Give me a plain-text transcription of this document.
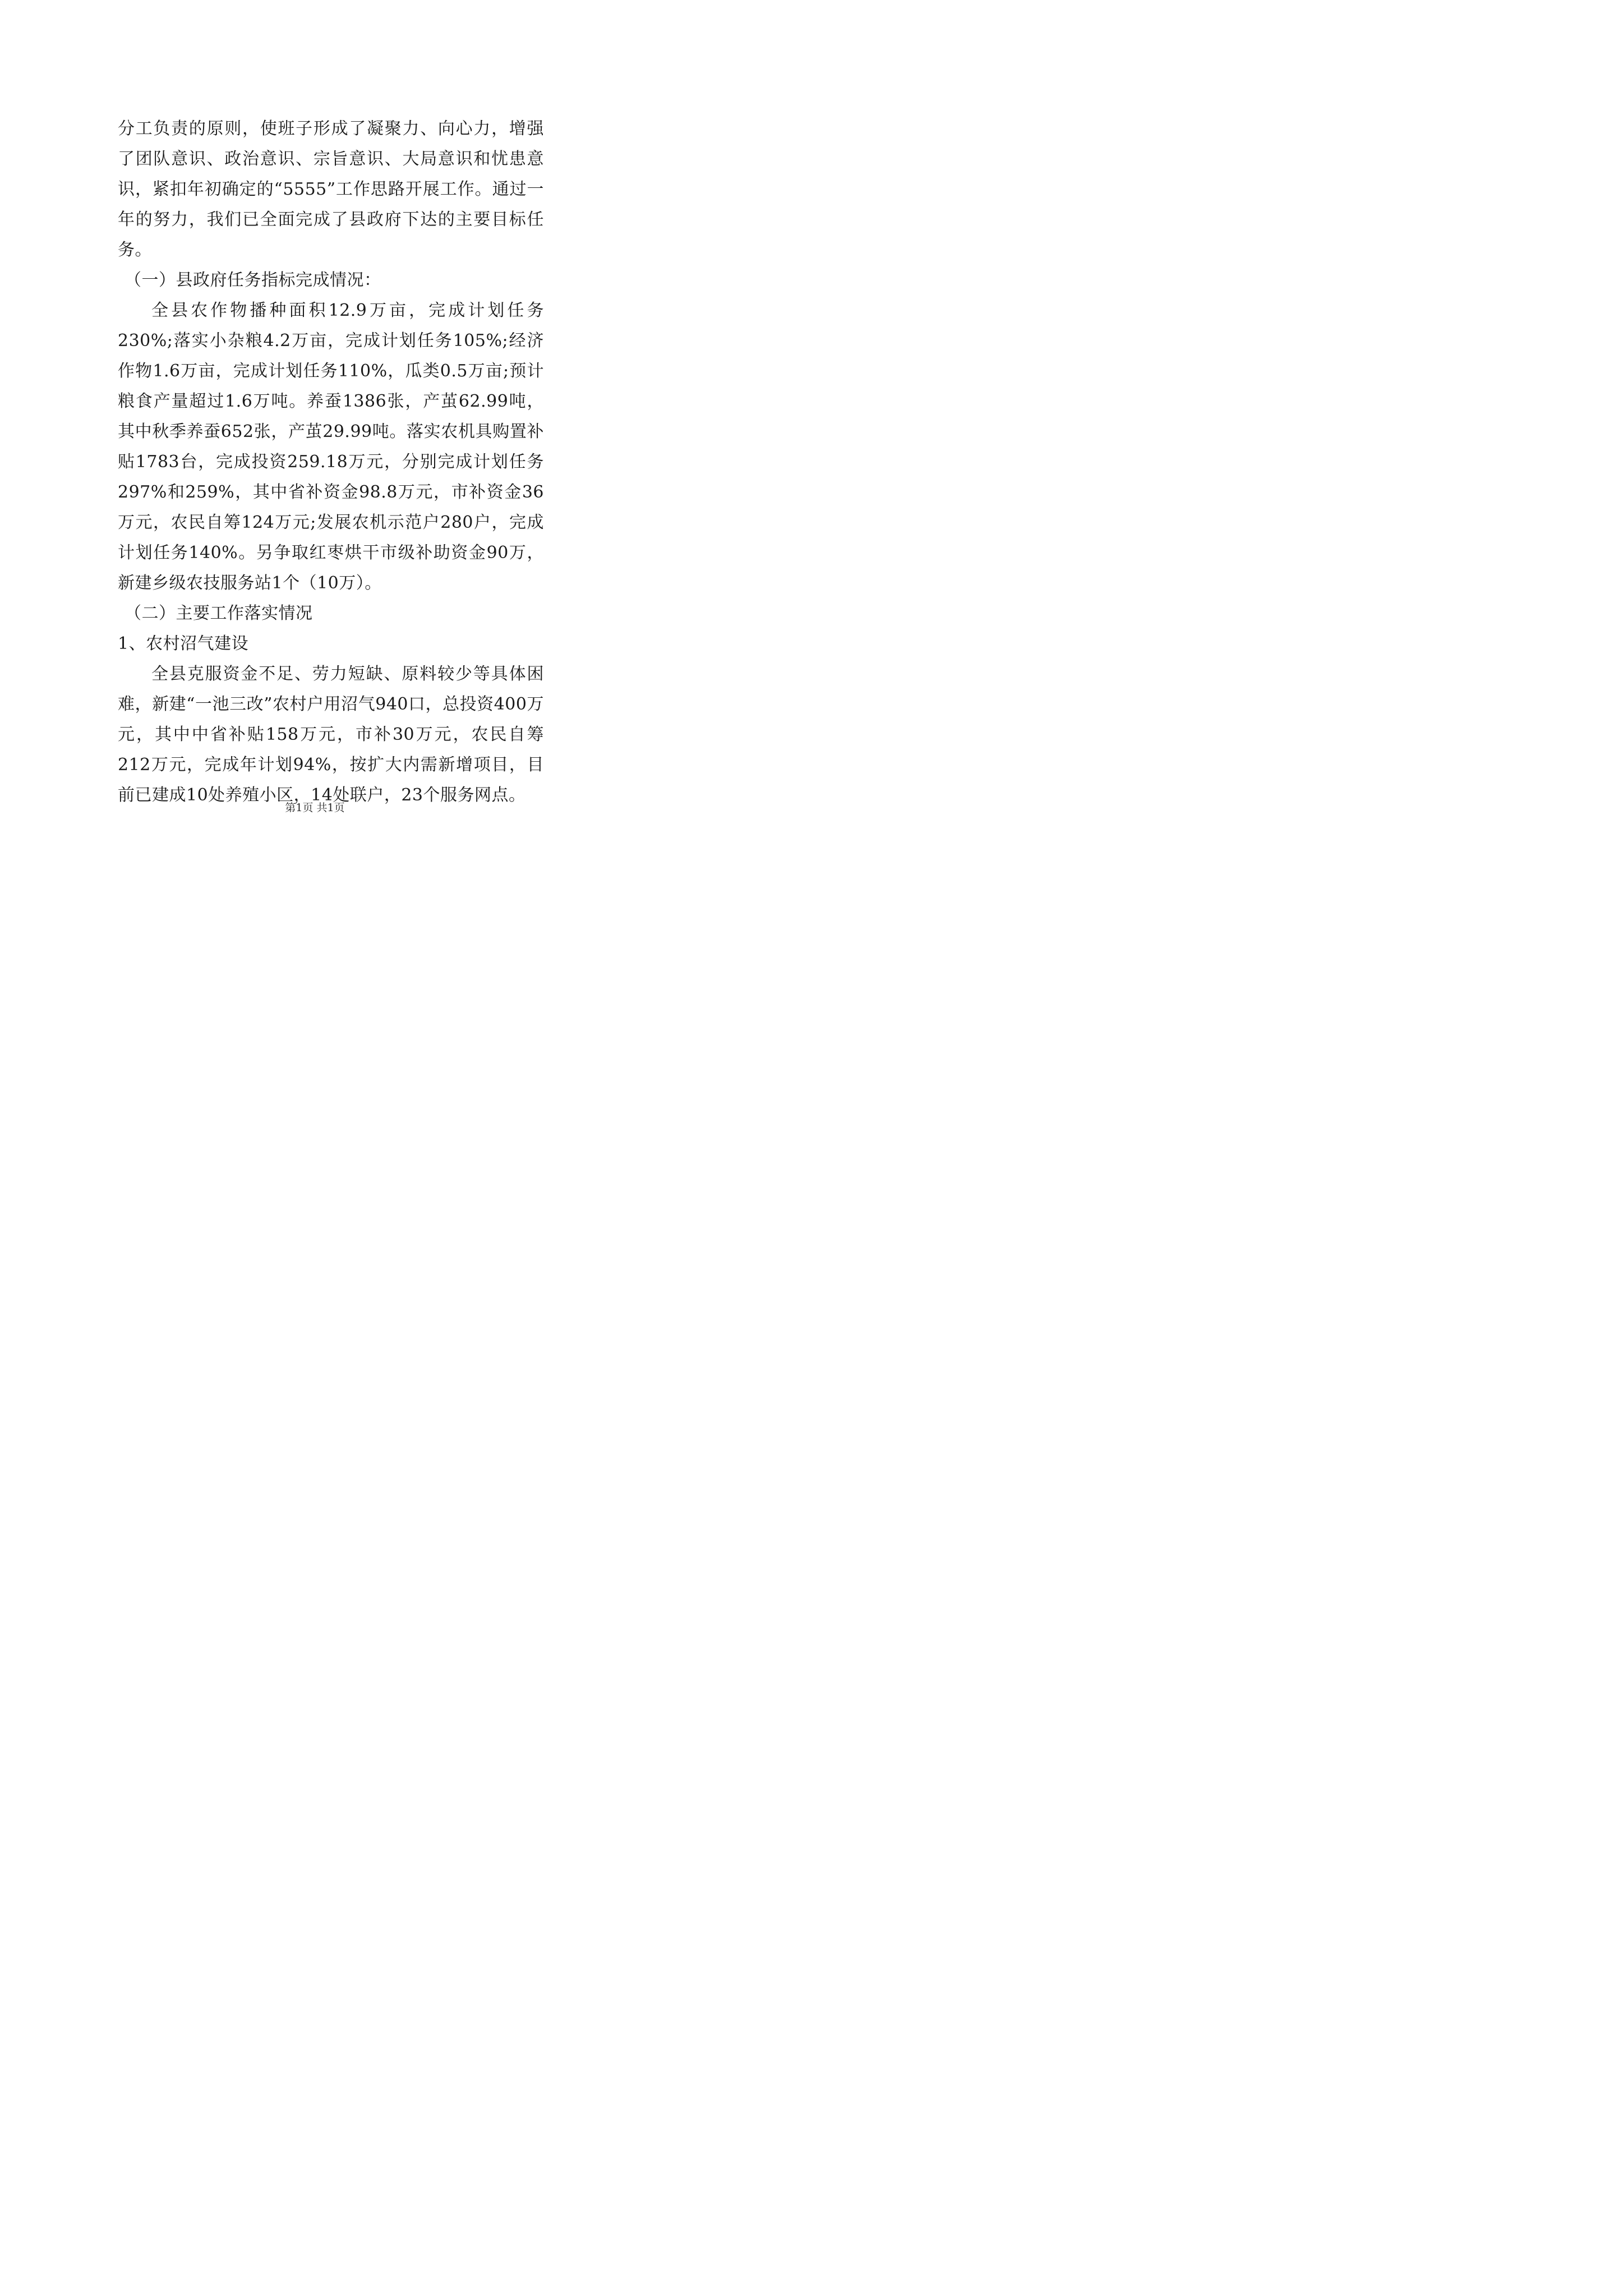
分工负责的原则，使班子形成了凝聚力、向心力，增强了团队意识、政治意识、宗旨意识、大局意识和忧患意识，紧扣年初确定的“5555”工作思路开展工作。通过一年的努力，我们已全面完成了县政府下达的主要目标任务。

（一）县政府任务指标完成情况：

全县农作物播种面积12.9万亩，完成计划任务230%;落实小杂粮4.2万亩，完成计划任务105%;经济作物1.6万亩，完成计划任务110%，瓜类0.5万亩;预计粮食产量超过1.6万吨。养蚕1386张，产茧62.99吨，其中秋季养蚕652张，产茧29.99吨。落实农机具购置补贴1783台，完成投资259.18万元，分别完成计划任务297%和259%，其中省补资金98.8万元，市补资金36万元，农民自筹124万元;发展农机示范户280户，完成计划任务140%。另争取红枣烘干市级补助资金90万，新建乡级农技服务站1个（10万）。

（二）主要工作落实情况

1、农村沼气建设

全县克服资金不足、劳力短缺、原料较少等具体困难，新建“一池三改”农村户用沼气940口，总投资400万元，其中中省补贴158万元，市补30万元，农民自筹212万元，完成年计划94%，按扩大内需新增项目，目前已建成10处养殖小区，14处联户，23个服务网点。

第1页 共1页
